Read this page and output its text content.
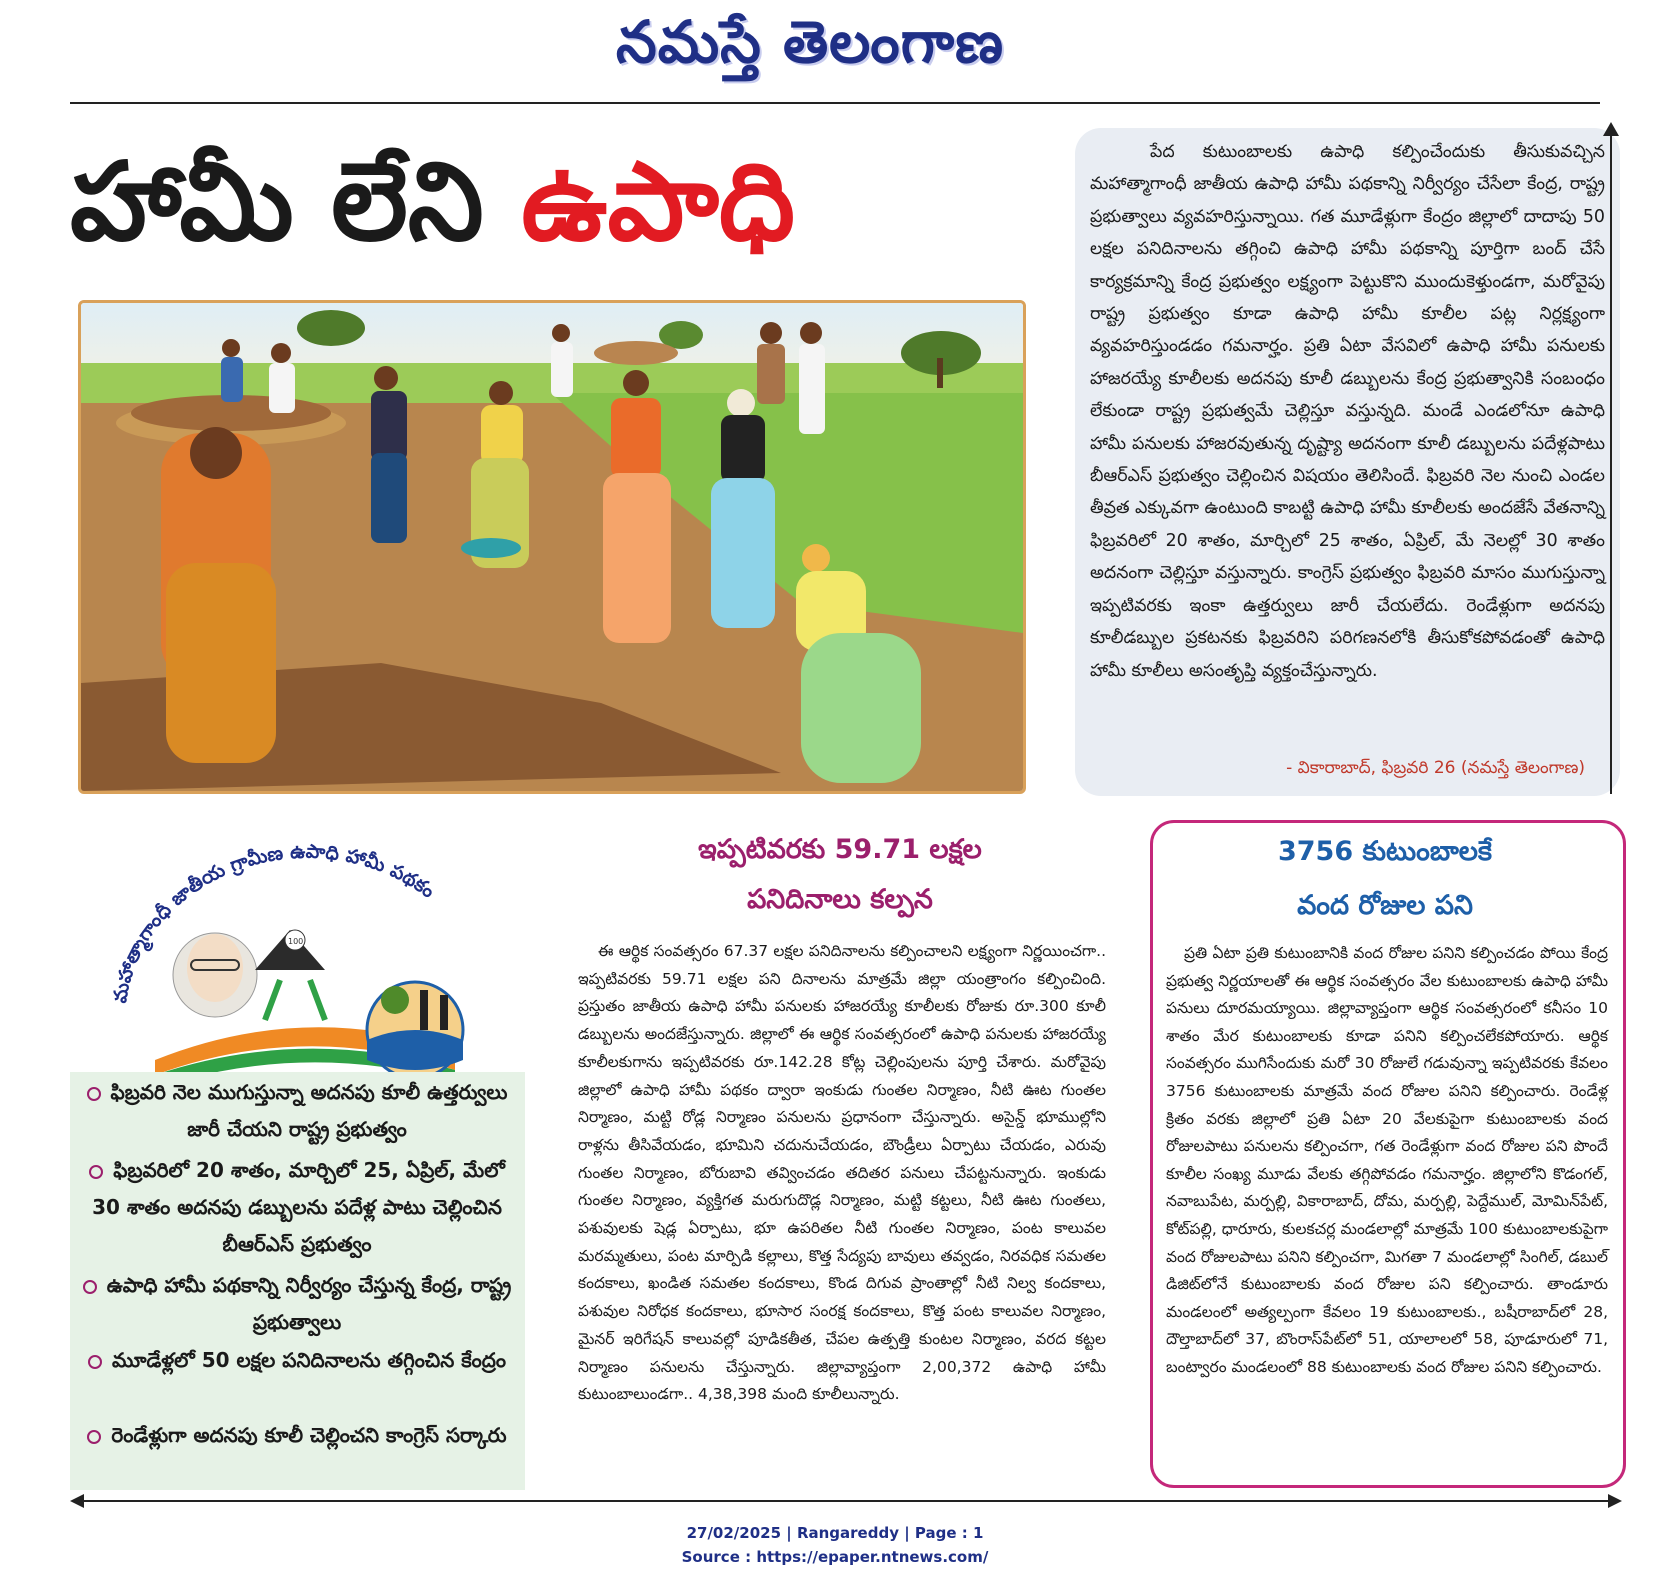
నమస్తే తెలంగాణ
హామీ లేని ఉపాధి	పేద కుటుంబాలకు ఉపాధి కల్పించేందుకు తీసుకువచ్చిన మహాత్మాగాంధీ జాతీయ ఉపాధి హామీ పథకాన్ని నిర్వీర్యం చేసేలా కేంద్ర, రాష్ట్ర ప్రభుత్వాలు వ్యవహరిస్తున్నాయి. గత మూడేళ్లుగా కేంద్రం జిల్లాలో దాదాపు 50 లక్షల పనిదినాలను తగ్గించి ఉపాధి హామీ పథకాన్ని పూర్తిగా బంద్ చేసే కార్యక్రమాన్ని కేంద్ర ప్రభుత్వం లక్ష్యంగా పెట్టుకొని ముందుకెళ్తుండగా, మరోవైపు రాష్ట్ర ప్రభుత్వం కూడా ఉపాధి హామీ కూలీల పట్ల నిర్లక్ష్యంగా వ్యవహరిస్తుండడం గమనార్హం. ప్రతి ఏటా వేసవిలో ఉపాధి హామీ పనులకు హాజరయ్యే కూలీలకు అదనపు కూలీ డబ్బులను కేంద్ర ప్రభుత్వానికి సంబంధం లేకుండా రాష్ట్ర ప్రభుత్వమే చెల్లిస్తూ వస్తున్నది. మండే ఎండలోనూ ఉపాధి హామీ పనులకు హాజరవుతున్న దృష్ట్యా అదనంగా కూలీ డబ్బులను పదేళ్లపాటు బీఆర్ఎస్ ప్రభుత్వం చెల్లించిన విషయం తెలిసిందే. ఫిబ్రవరి నెల నుంచి ఎండల తీవ్రత ఎక్కువగా ఉంటుంది కాబట్టి ఉపాధి హామీ కూలీలకు అందజేసే వేతనాన్ని ఫిబ్రవరిలో 20 శాతం, మార్చిలో 25 శాతం, ఏప్రిల్, మే నెలల్లో 30 శాతం అదనంగా చెల్లిస్తూ వస్తున్నారు. కాంగ్రెస్ ప్రభుత్వం ఫిబ్రవరి మాసం ముగుస్తున్నా ఇప్పటివరకు ఇంకా ఉత్తర్వులు జారీ చేయలేదు. రెండేళ్లుగా అదనపు కూలీడబ్బుల ప్రకటనకు ఫిబ్రవరిని పరిగణనలోకి తీసుకోకపోవడంతో ఉపాధి హామీ కూలీలు అసంతృప్తి వ్యక్తంచేస్తున్నారు.
- వికారాబాద్, ఫిబ్రవరి 26 (నమస్తే తెలంగాణ)
మహాత్మాగాంధీ జాతీయ గ్రామీణ ఉపాధి హామీ పథకం
100
ఫిబ్రవరి నెల ముగుస్తున్నా అదనపు కూలీ ఉత్తర్వులు జారీ చేయని రాష్ట్ర ప్రభుత్వం
ఫిబ్రవరిలో 20 శాతం, మార్చిలో 25, ఏప్రిల్, మేలో 30 శాతం అదనపు డబ్బులను పదేళ్ల పాటు చెల్లించిన బీఆర్ఎస్ ప్రభుత్వం
ఉపాధి హామీ పథకాన్ని నిర్వీర్యం చేస్తున్న కేంద్ర, రాష్ట్ర ప్రభుత్వాలు
మూడేళ్లలో 50 లక్షల పనిదినాలను తగ్గించిన కేంద్రం
రెండేళ్లుగా అదనపు కూలీ చెల్లించని కాంగ్రెస్ సర్కారు
ఇప్పటివరకు 59.71 లక్షల
పనిదినాలు కల్పన
ఈ ఆర్థిక సంవత్సరం 67.37 లక్షల పనిదినాలను కల్పించాలని లక్ష్యంగా నిర్ణయించగా.. ఇప్పటివరకు 59.71 లక్షల పని దినాలను మాత్రమే జిల్లా యంత్రాంగం కల్పించింది. ప్రస్తుతం జాతీయ ఉపాధి హామీ పనులకు హాజరయ్యే కూలీలకు రోజుకు రూ.300 కూలీ డబ్బులను అందజేస్తున్నారు. జిల్లాలో ఈ ఆర్థిక సంవత్సరంలో ఉపాధి పనులకు హాజరయ్యే కూలీలకుగాను ఇప్పటివరకు రూ.142.28 కోట్ల చెల్లింపులను పూర్తి చేశారు. మరోవైపు జిల్లాలో ఉపాధి హామీ పథకం ద్వారా ఇంకుడు గుంతల నిర్మాణం, నీటి ఊట గుంతల నిర్మాణం, మట్టి రోడ్ల నిర్మాణం పనులను ప్రధానంగా చేస్తున్నారు. అసైన్డ్ భూముల్లోని రాళ్లను తీసివేయడం, భూమిని చదునుచేయడం, బౌండ్రీలు ఏర్పాటు చేయడం, ఎరువు గుంతల నిర్మాణం, బోరుబావి తవ్వించడం తదితర పనులు చేపట్టనున్నారు. ఇంకుడు గుంతల నిర్మాణం, వ్యక్తిగత మరుగుదొడ్ల నిర్మాణం, మట్టి కట్టలు, నీటి ఊట గుంతలు, పశువులకు షెడ్ల ఏర్పాటు, భూ ఉపరితల నీటి గుంతల నిర్మాణం, పంట కాలువల మరమ్మతులు, పంట మార్పిడి కల్లాలు, కొత్త సేద్యపు బావులు తవ్వడం, నిరవధిక సమతల కందకాలు, ఖండిత సమతల కందకాలు, కొండ దిగువ ప్రాంతాల్లో నీటి నిల్వ కందకాలు, పశువుల నిరోధక కందకాలు, భూసార సంరక్ష కందకాలు, కొత్త పంట కాలువల నిర్మాణం, మైనర్ ఇరిగేషన్ కాలువల్లో పూడికతీత, చేపల ఉత్పత్తి కుంటల నిర్మాణం, వరద కట్టల నిర్మాణం పనులను చేస్తున్నారు. జిల్లావ్యాప్తంగా 2,00,372 ఉపాధి హామీ కుటుంబాలుండగా.. 4,38,398 మంది కూలీలున్నారు.
3756 కుటుంబాలకే
వంద రోజుల పని
ప్రతి ఏటా ప్రతి కుటుంబానికి వంద రోజుల పనిని కల్పించడం పోయి కేంద్ర ప్రభుత్వ నిర్ణయాలతో ఈ ఆర్థిక సంవత్సరం వేల కుటుంబాలకు ఉపాధి హామీ పనులు దూరమయ్యాయి. జిల్లావ్యాప్తంగా ఆర్థిక సంవత్సరంలో కనీసం 10 శాతం మేర కుటుంబాలకు కూడా పనిని కల్పించలేకపోయారు. ఆర్థిక సంవత్సరం ముగిసేందుకు మరో 30 రోజులే గడువున్నా ఇప్పటివరకు కేవలం 3756 కుటుంబాలకు మాత్రమే వంద రోజుల పనిని కల్పించారు. రెండేళ్ల క్రితం వరకు జిల్లాలో ప్రతి ఏటా 20 వేలకుపైగా కుటుంబాలకు వంద రోజులపాటు పనులను కల్పించగా, గత రెండేళ్లుగా వంద రోజుల పని పొందే కూలీల సంఖ్య మూడు వేలకు తగ్గిపోవడం గమనార్హం. జిల్లాలోని కొడంగల్, నవాబుపేట, మర్పల్లి, వికారాబాద్, దోమ, మర్పల్లి, పెద్దేముల్, మోమిన్‌పేట్, కోట్‌పల్లి, ధారూరు, కులకచర్ల మండలాల్లో మాత్రమే 100 కుటుంబాలకుపైగా వంద రోజులపాటు పనిని కల్పించగా, మిగతా 7 మండలాల్లో సింగిల్, డబుల్ డిజిట్‌లోనే కుటుంబాలకు వంద రోజుల పని కల్పించారు. తాండూరు మండలంలో అత్యల్పంగా కేవలం 19 కుటుంబాలకు., బషీరాబాద్‌లో 28, దౌల్తాబాద్‌లో 37, బొంరాస్‌పేట్‌లో 51, యాలాలలో 58, పూడూరులో 71, బంట్వారం మండలంలో 88 కుటుంబాలకు వంద రోజుల పనిని కల్పించారు.
27/02/2025 | Rangareddy | Page : 1
Source : https://epaper.ntnews.com/
